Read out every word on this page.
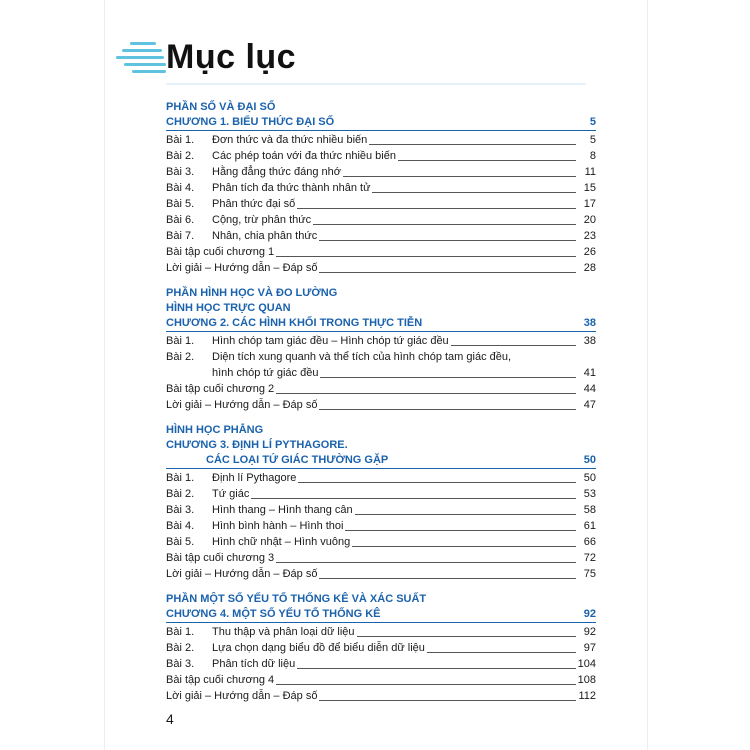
Mục lục
PHẦN SỐ VÀ ĐẠI SỐ
CHƯƠNG 1. BIỂU THỨC ĐẠI SỐ	5
Bài 1.	Đơn thức và đa thức nhiều biến	5
Bài 2.	Các phép toán với đa thức nhiều biến	8
Bài 3.	Hằng đẳng thức đáng nhớ	11
Bài 4.	Phân tích đa thức thành nhân tử	15
Bài 5.	Phân thức đại số	17
Bài 6.	Cộng, trừ phân thức	20
Bài 7.	Nhân, chia phân thức	23
Bài tập cuối chương 1	26
Lời giải – Hướng dẫn – Đáp số	28
PHẦN HÌNH HỌC VÀ ĐO LƯỜNG
HÌNH HỌC TRỰC QUAN
CHƯƠNG 2. CÁC HÌNH KHỐI TRONG THỰC TIỄN	38
Bài 1.	Hình chóp tam giác đều – Hình chóp tứ giác đều	38
Bài 2.	Diện tích xung quanh và thể tích của hình chóp tam giác đều,
hình chóp tứ giác đều	41
Bài tập cuối chương 2	44
Lời giải – Hướng dẫn – Đáp số	47
HÌNH HỌC PHẲNG
CHƯƠNG 3. ĐỊNH LÍ PYTHAGORE.
CÁC LOẠI TỨ GIÁC THƯỜNG GẶP	50
Bài 1.	Định lí Pythagore	50
Bài 2.	Tứ giác	53
Bài 3.	Hình thang – Hình thang cân	58
Bài 4.	Hình bình hành – Hình thoi	61
Bài 5.	Hình chữ nhật – Hình vuông	66
Bài tập cuối chương 3	72
Lời giải – Hướng dẫn – Đáp số	75
PHẦN MỘT SỐ YẾU TỐ THỐNG KÊ VÀ XÁC SUẤT
CHƯƠNG 4. MỘT SỐ YẾU TỐ THỐNG KÊ	92
Bài 1.	Thu thập và phân loại dữ liệu	92
Bài 2.	Lựa chọn dạng biểu đồ để biểu diễn dữ liệu	97
Bài 3.	Phân tích dữ liệu	104
Bài tập cuối chương 4	108
Lời giải – Hướng dẫn – Đáp số	112
4
